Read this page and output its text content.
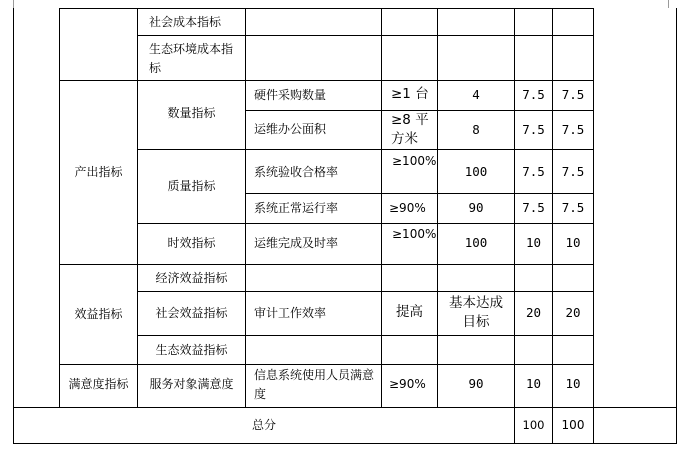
产出指标
效益指标
满意度指标
社会成本指标
生态环境成本指标
数量指标
质量指标
时效指标
经济效益指标
社会效益指标
生态效益指标
服务对象满意度
硬件采购数量
运维办公面积
系统验收合格率
系统正常运行率
运维完成及时率
审计工作效率
信息系统使用人员满意度
≥1 台
≥8 平方米
≥100%
≥90%
≥100%
提高
≥90%
4
8
100
90
100
基本达成目标
90
7.5
7.5
7.5
7.5
10
20
10
7.5
7.5
7.5
7.5
10
20
10
总分	100	100
